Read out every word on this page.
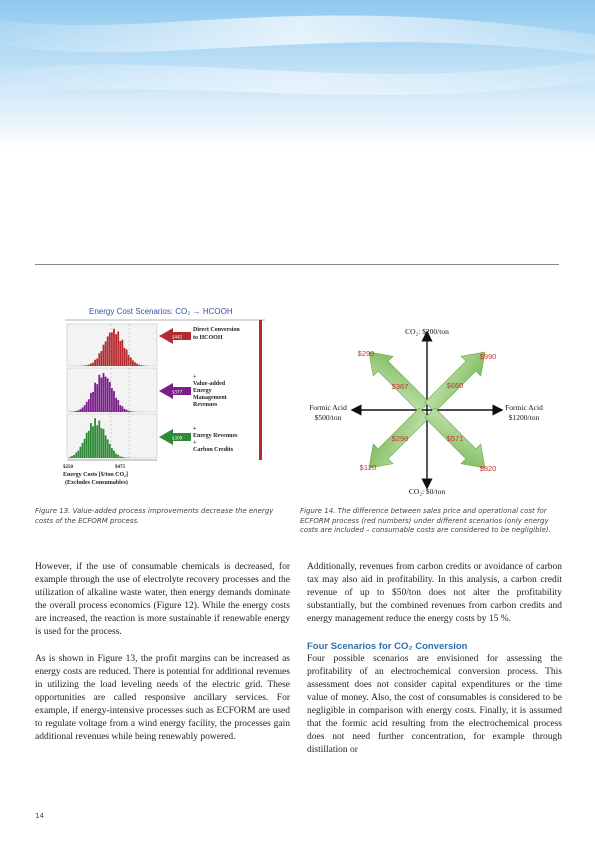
Energy Cost Scenarios: CO₂ → HCOOH
$442
$377
$309
Direct Conversion to HCOOH
+ Value-added Energy Management Revenues
+ Energy Revenues + Carbon Credits
$250	$475
Energy Costs [$/ton CO₂]
(Excludes Consumables)
Figure 13. Value-added process improvements decrease the energy costs of the ECFORM process.
CO₂: $200/ton
CO₂: $0/ton
Formic Acid
$500/ton
Formic Acid
$1200/ton
$290
$367
$990
$660
$120
$298
$820
$571
Figure 14. The difference between sales price and operational cost for ECFORM process (red numbers) under different scenarios (only energy costs are included – consumable costs are considered to be negligible).

However, if the use of consumable chemicals is decreased, for example through the use of electrolyte recovery processes and the utilization of alkaline waste water, then energy demands dominate the overall process economics (Figure 12). While the energy costs are increased, the reaction is more sustainable if renewable energy is used for the process.

As is shown in Figure 13, the profit margins can be increased as energy costs are reduced. There is potential for additional revenues in utilizing the load leveling needs of the electric grid. These opportunities are called responsive ancillary services. For example, if energy-intensive processes such as ECFORM are used to regulate voltage from a wind energy facility, the processes gain additional revenues while being renewably powered.

Additionally, revenues from carbon credits or avoidance of carbon tax may also aid in profitability. In this analysis, a carbon credit revenue of up to $50/ton does not alter the profitability substantially, but the combined revenues from carbon credits and energy management reduce the energy costs by 15 %.

Four Scenarios for CO₂ Conversion

Four possible scenarios are envisioned for assessing the profitability of an electrochemical conversion process. This assessment does not consider capital expenditures or the time value of money. Also, the cost of consumables is considered to be negligible in comparison with energy costs. Finally, it is assumed that the formic acid resulting from the electrochemical process does not need further concentration, for example through distillation or

14
